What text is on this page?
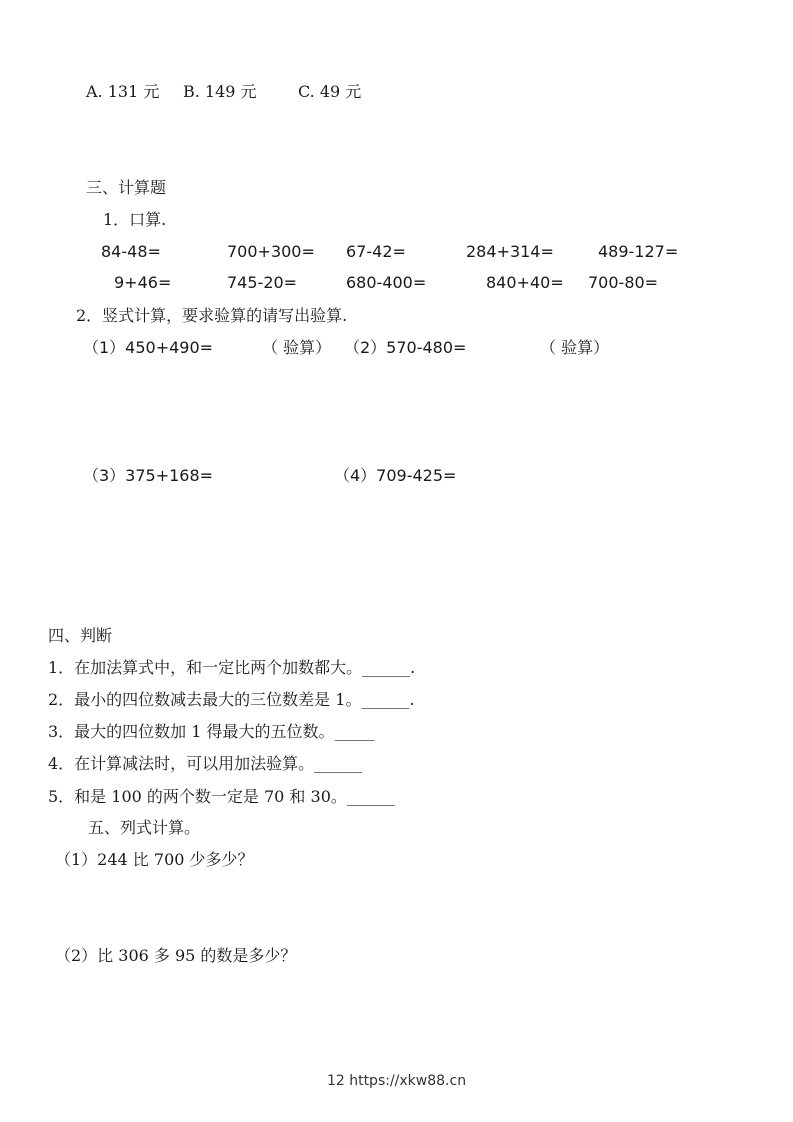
A. 131 元 B. 149 元	C. 49 元
三、计算题
1．口算.
84-48=	700+300= 67-42=	284+314=	489-127=
9+46=	745-20=	680-400=	840+40= 700-80=
2．竖式计算，要求验算的请写出验算.
（1）450+490=	（ 验算） （2）570-480=	（ 验算）
（3）375+168=	（4）709-425=
四、判断
1．在加法算式中，和一定比两个加数都大。______.
2．最小的四位数减去最大的三位数差是 1。______.
3．最大的四位数加 1 得最大的五位数。_____
4．在计算减法时，可以用加法验算。______
5．和是 100 的两个数一定是 70 和 30。______
五、列式计算。
（1）244 比 700 少多少？
（2）比 306 多 95 的数是多少？
12 https://xkw88.cn
